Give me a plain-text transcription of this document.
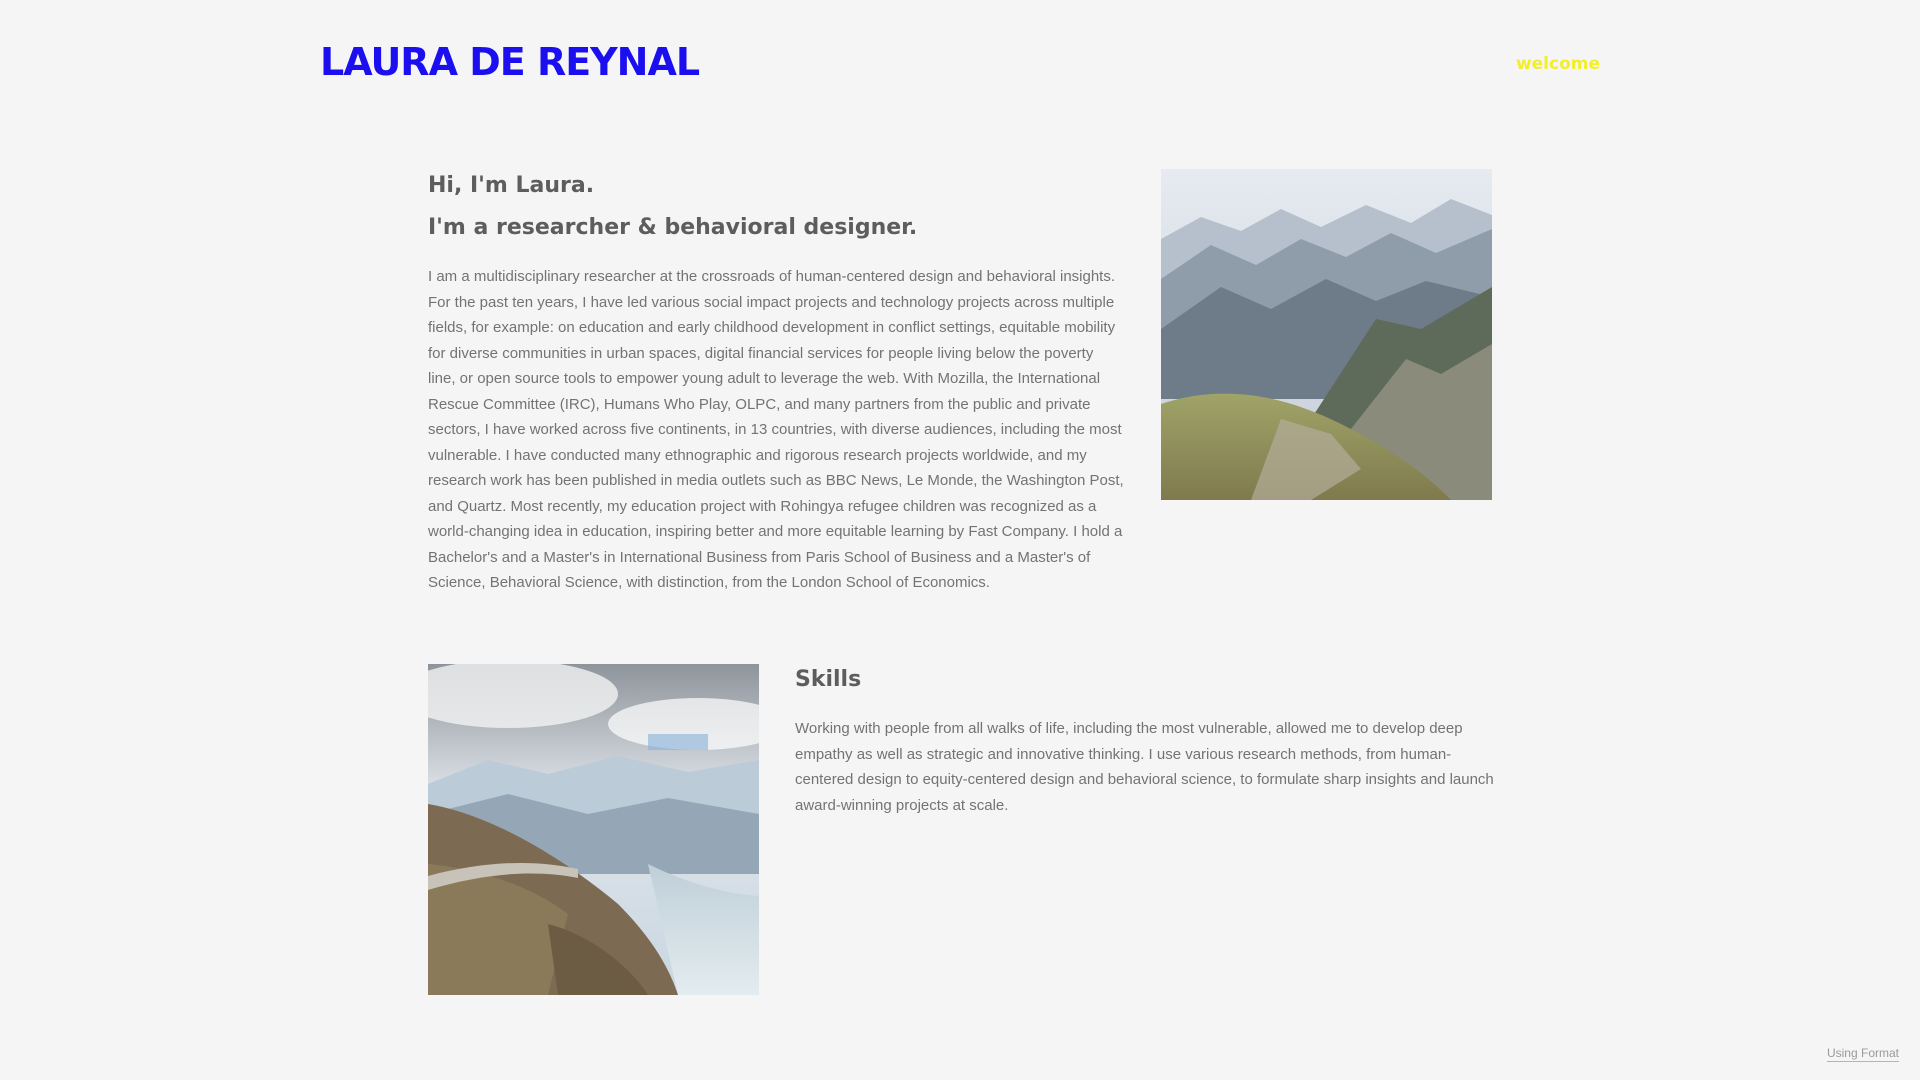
LAURA DE REYNAL	welcome
Hi, I'm Laura.
I'm a researcher & behavioral designer.

I am a multidisciplinary researcher at the crossroads of human-centered design and behavioral insights. For the past ten years, I have led various social impact projects and technology projects across multiple fields, for example: on education and early childhood development in conflict settings, equitable mobility for diverse communities in urban spaces, digital financial services for people living below the poverty line, or open source tools to empower young adult to leverage the web. With Mozilla, the International Rescue Committee (IRC), Humans Who Play, OLPC, and many partners from the public and private sectors, I have worked across five continents, in 13 countries, with diverse audiences, including the most vulnerable. I have conducted many ethnographic and rigorous research projects worldwide, and my research work has been published in media outlets such as BBC News, Le Monde, the Washington Post, and Quartz. Most recently, my education project with Rohingya refugee children was recognized as a world-changing idea in education, inspiring better and more equitable learning by Fast Company. I hold a Bachelor's and a Master's in International Business from Paris School of Business and a Master's of Science, Behavioral Science, with distinction, from the London School of Economics.

Skills

Working with people from all walks of life, including the most vulnerable, allowed me to develop deep empathy as well as strategic and innovative thinking. I use various research methods, from human-centered design to equity-centered design and behavioral science, to formulate sharp insights and launch award-winning projects at scale.

Using Format
